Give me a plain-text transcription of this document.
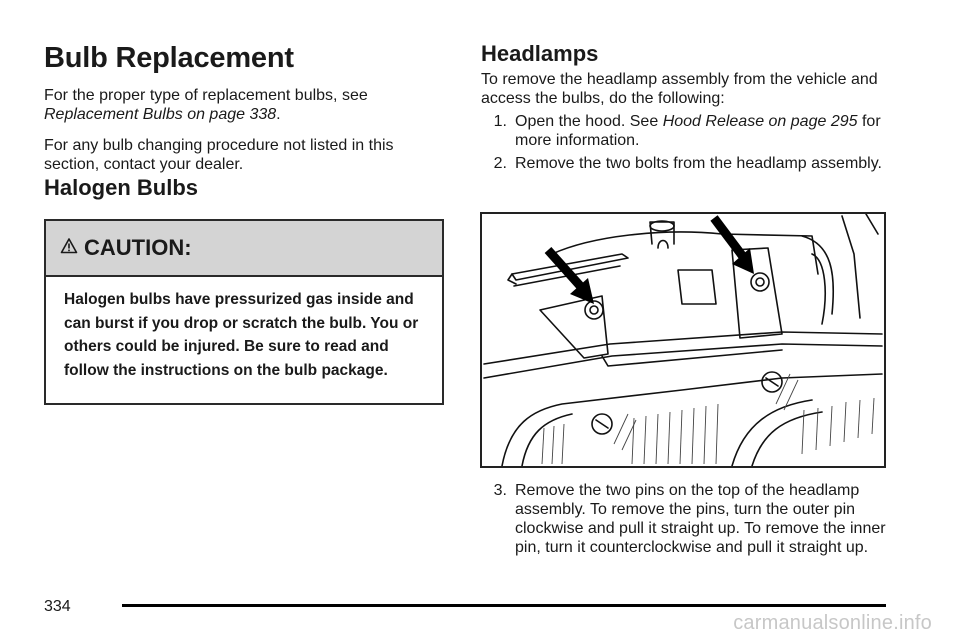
Bulb Replacement

For the proper type of replacement bulbs, see Replacement Bulbs on page 338.

For any bulb changing procedure not listed in this section, contact your dealer.

Halogen Bulbs
CAUTION:
Halogen bulbs have pressurized gas inside and can burst if you drop or scratch the bulb. You or others could be injured. Be sure to read and follow the instructions on the bulb package.
Headlamps

To remove the headlamp assembly from the vehicle and access the bulbs, do the following:

1. Open the hood. See Hood Release on page 295 for more information.
2. Remove the two bolts from the headlamp assembly.
3. Remove the two pins on the top of the headlamp assembly. To remove the pins, turn the outer pin clockwise and pull it straight up. To remove the inner pin, turn it counterclockwise and pull it straight up.
334
carmanualsonline.info
